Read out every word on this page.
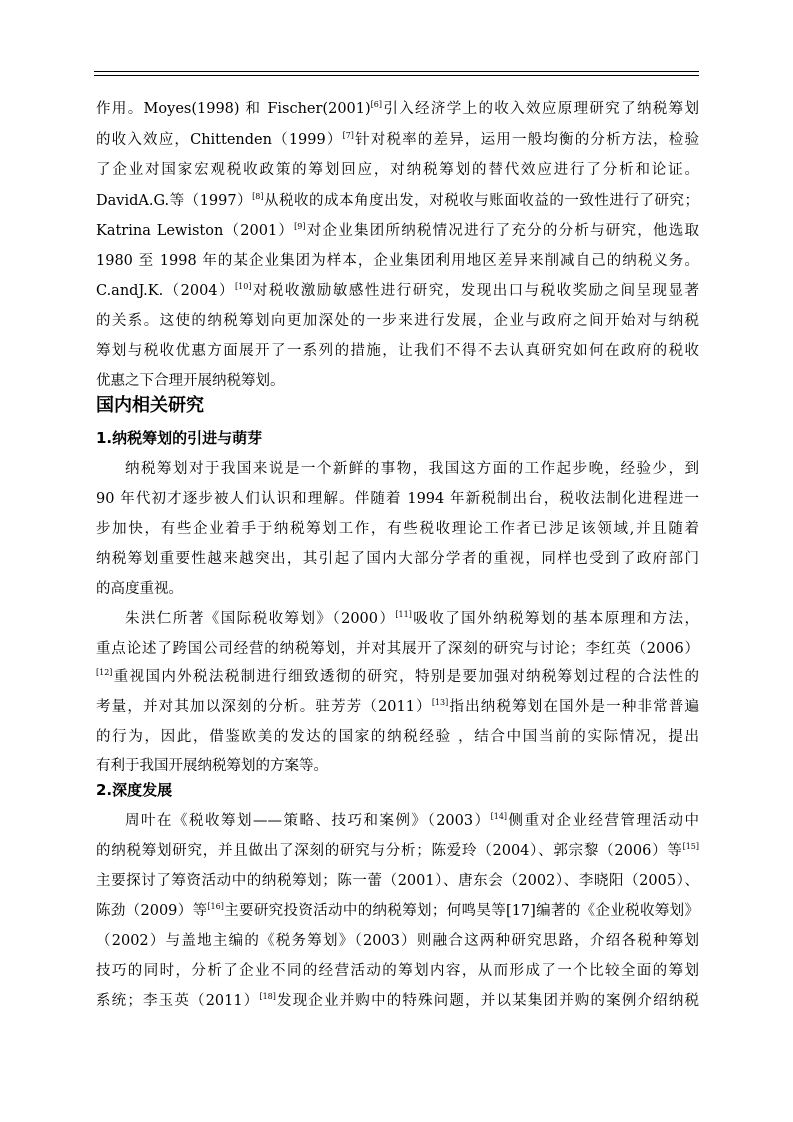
作用。Moyes(1998) 和 Fischer(2001)[6]引入经济学上的收入效应原理研究了纳税筹划
的收入效应，Chittenden（1999）[7]针对税率的差异，运用一般均衡的分析方法，检验
了企业对国家宏观税收政策的筹划回应，对纳税筹划的替代效应进行了分析和论证。
DavidA.G.等（1997）[8]从税收的成本角度出发，对税收与账面收益的一致性进行了研究；
Katrina Lewiston（2001）[9]对企业集团所纳税情况进行了充分的分析与研究，他选取
1980 至 1998 年的某企业集团为样本，企业集团利用地区差异来削减自己的纳税义务。
C.andJ.K.（2004）[10]对税收激励敏感性进行研究，发现出口与税收奖励之间呈现显著
的关系。这使的纳税筹划向更加深处的一步来进行发展，企业与政府之间开始对与纳税
筹划与税收优惠方面展开了一系列的措施，让我们不得不去认真研究如何在政府的税收
优惠之下合理开展纳税筹划。
国内相关研究
1.纳税筹划的引进与萌芽
纳税筹划对于我国来说是一个新鲜的事物，我国这方面的工作起步晚，经验少，到
90 年代初才逐步被人们认识和理解。伴随着 1994 年新税制出台，税收法制化进程进一
步加快，有些企业着手于纳税筹划工作，有些税收理论工作者已涉足该领域,并且随着
纳税筹划重要性越来越突出，其引起了国内大部分学者的重视，同样也受到了政府部门
的高度重视。
朱洪仁所著《国际税收筹划》（2000）[11]吸收了国外纳税筹划的基本原理和方法，
重点论述了跨国公司经营的纳税筹划，并对其展开了深刻的研究与讨论；李红英（2006）
[12]重视国内外税法税制进行细致透彻的研究，特别是要加强对纳税筹划过程的合法性的
考量，并对其加以深刻的分析。驻芳芳（2011）[13]指出纳税筹划在国外是一种非常普遍
的行为，因此，借鉴欧美的发达的国家的纳税经验 ，结合中国当前的实际情况，提出
有利于我国开展纳税筹划的方案等。
2.深度发展
周叶在《税收筹划——策略、技巧和案例》（2003）[14]侧重对企业经营管理活动中
的纳税筹划研究，并且做出了深刻的研究与分析；陈爱玲（2004）、郭宗黎（2006）等[15]
主要探讨了筹资活动中的纳税筹划；陈一蕾（2001）、唐东会（2002）、李晓阳（2005）、
陈劲（2009）等[16]主要研究投资活动中的纳税筹划；何鸣昊等[17]编著的《企业税收筹划》
（2002）与盖地主编的《税务筹划》（2003）则融合这两种研究思路，介绍各税种筹划
技巧的同时，分析了企业不同的经营活动的筹划内容，从而形成了一个比较全面的筹划
系统；李玉英（2011）[18]发现企业并购中的特殊问题，并以某集团并购的案例介绍纳税
